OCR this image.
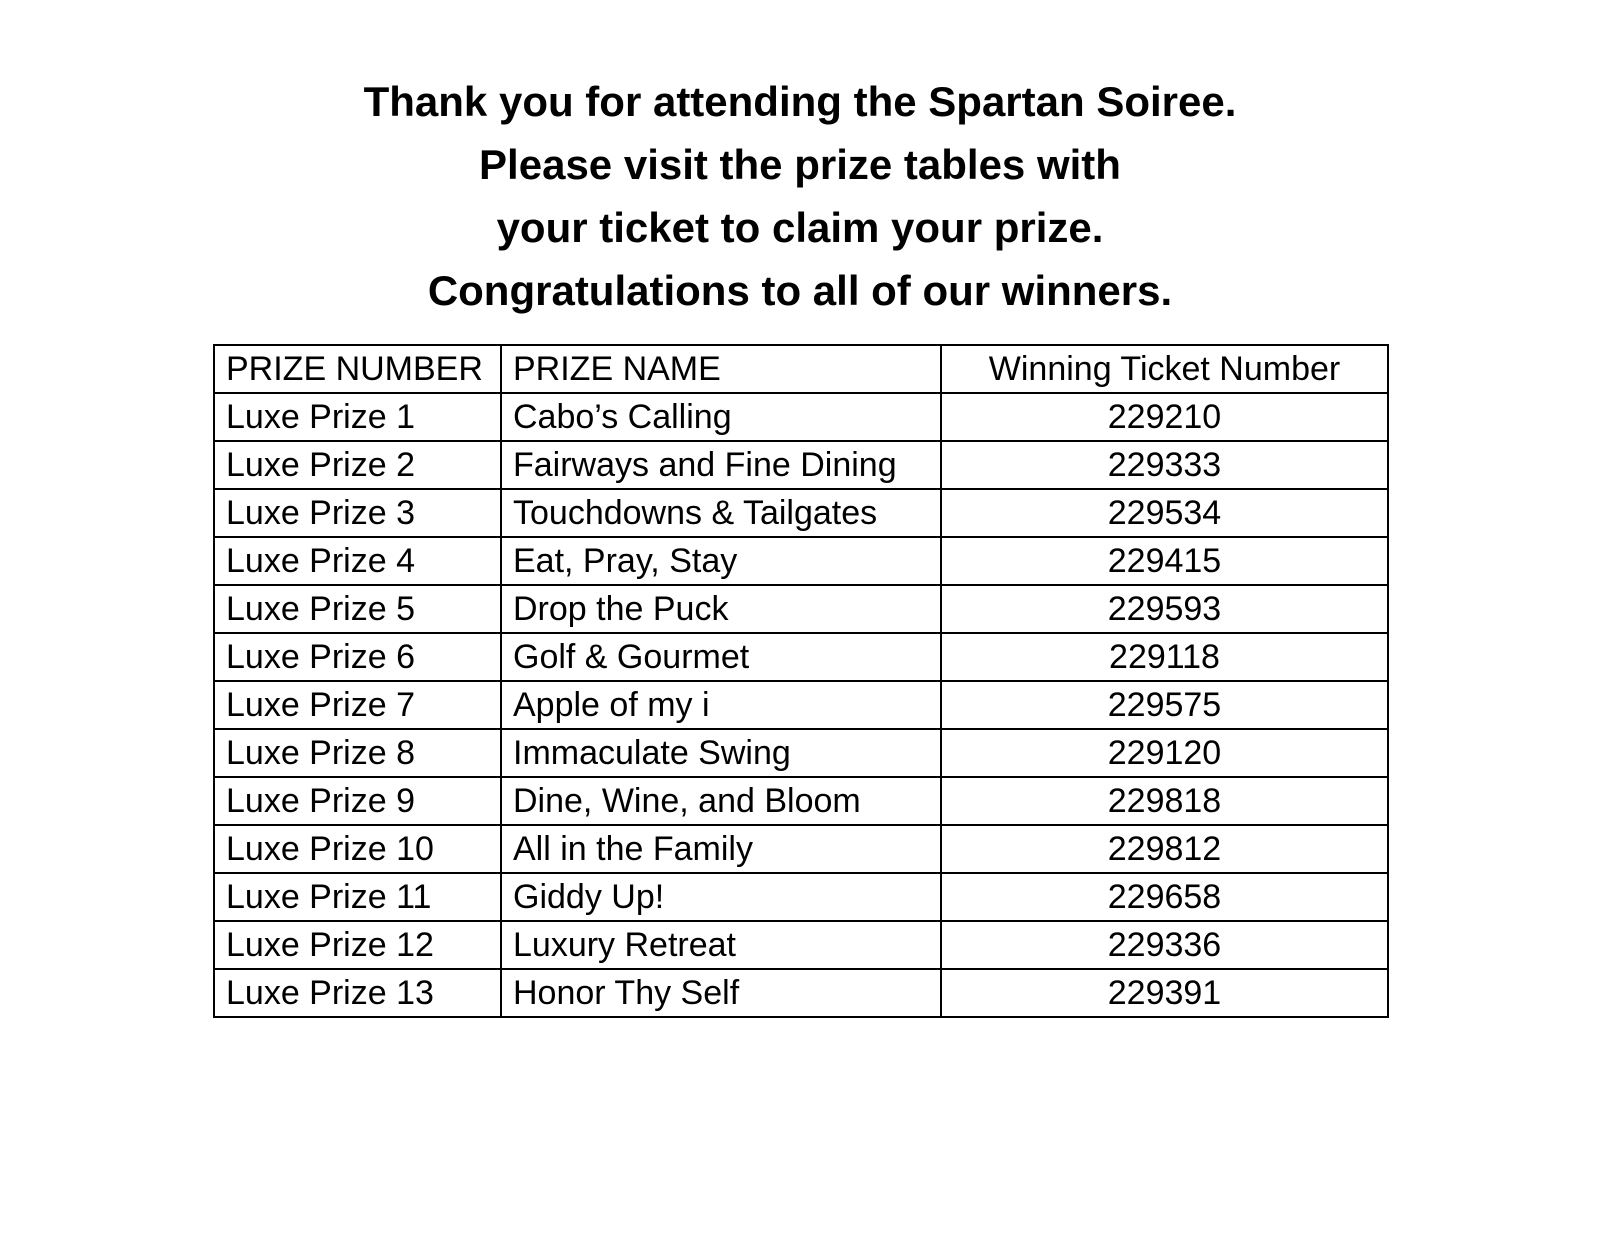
Thank you for attending the Spartan Soiree.
Please visit the prize tables with
your ticket to claim your prize.
Congratulations to all of our winners.
PRIZE NUMBER	PRIZE NAME	Winning Ticket Number
Luxe Prize 1	Cabo’s Calling	229210
Luxe Prize 2	Fairways and Fine Dining	229333
Luxe Prize 3	Touchdowns & Tailgates	229534
Luxe Prize 4	Eat, Pray, Stay	229415
Luxe Prize 5	Drop the Puck	229593
Luxe Prize 6	Golf & Gourmet	229118
Luxe Prize 7	Apple of my i	229575
Luxe Prize 8	Immaculate Swing	229120
Luxe Prize 9	Dine, Wine, and Bloom	229818
Luxe Prize 10	All in the Family	229812
Luxe Prize 11	Giddy Up!	229658
Luxe Prize 12	Luxury Retreat	229336
Luxe Prize 13	Honor Thy Self	229391
